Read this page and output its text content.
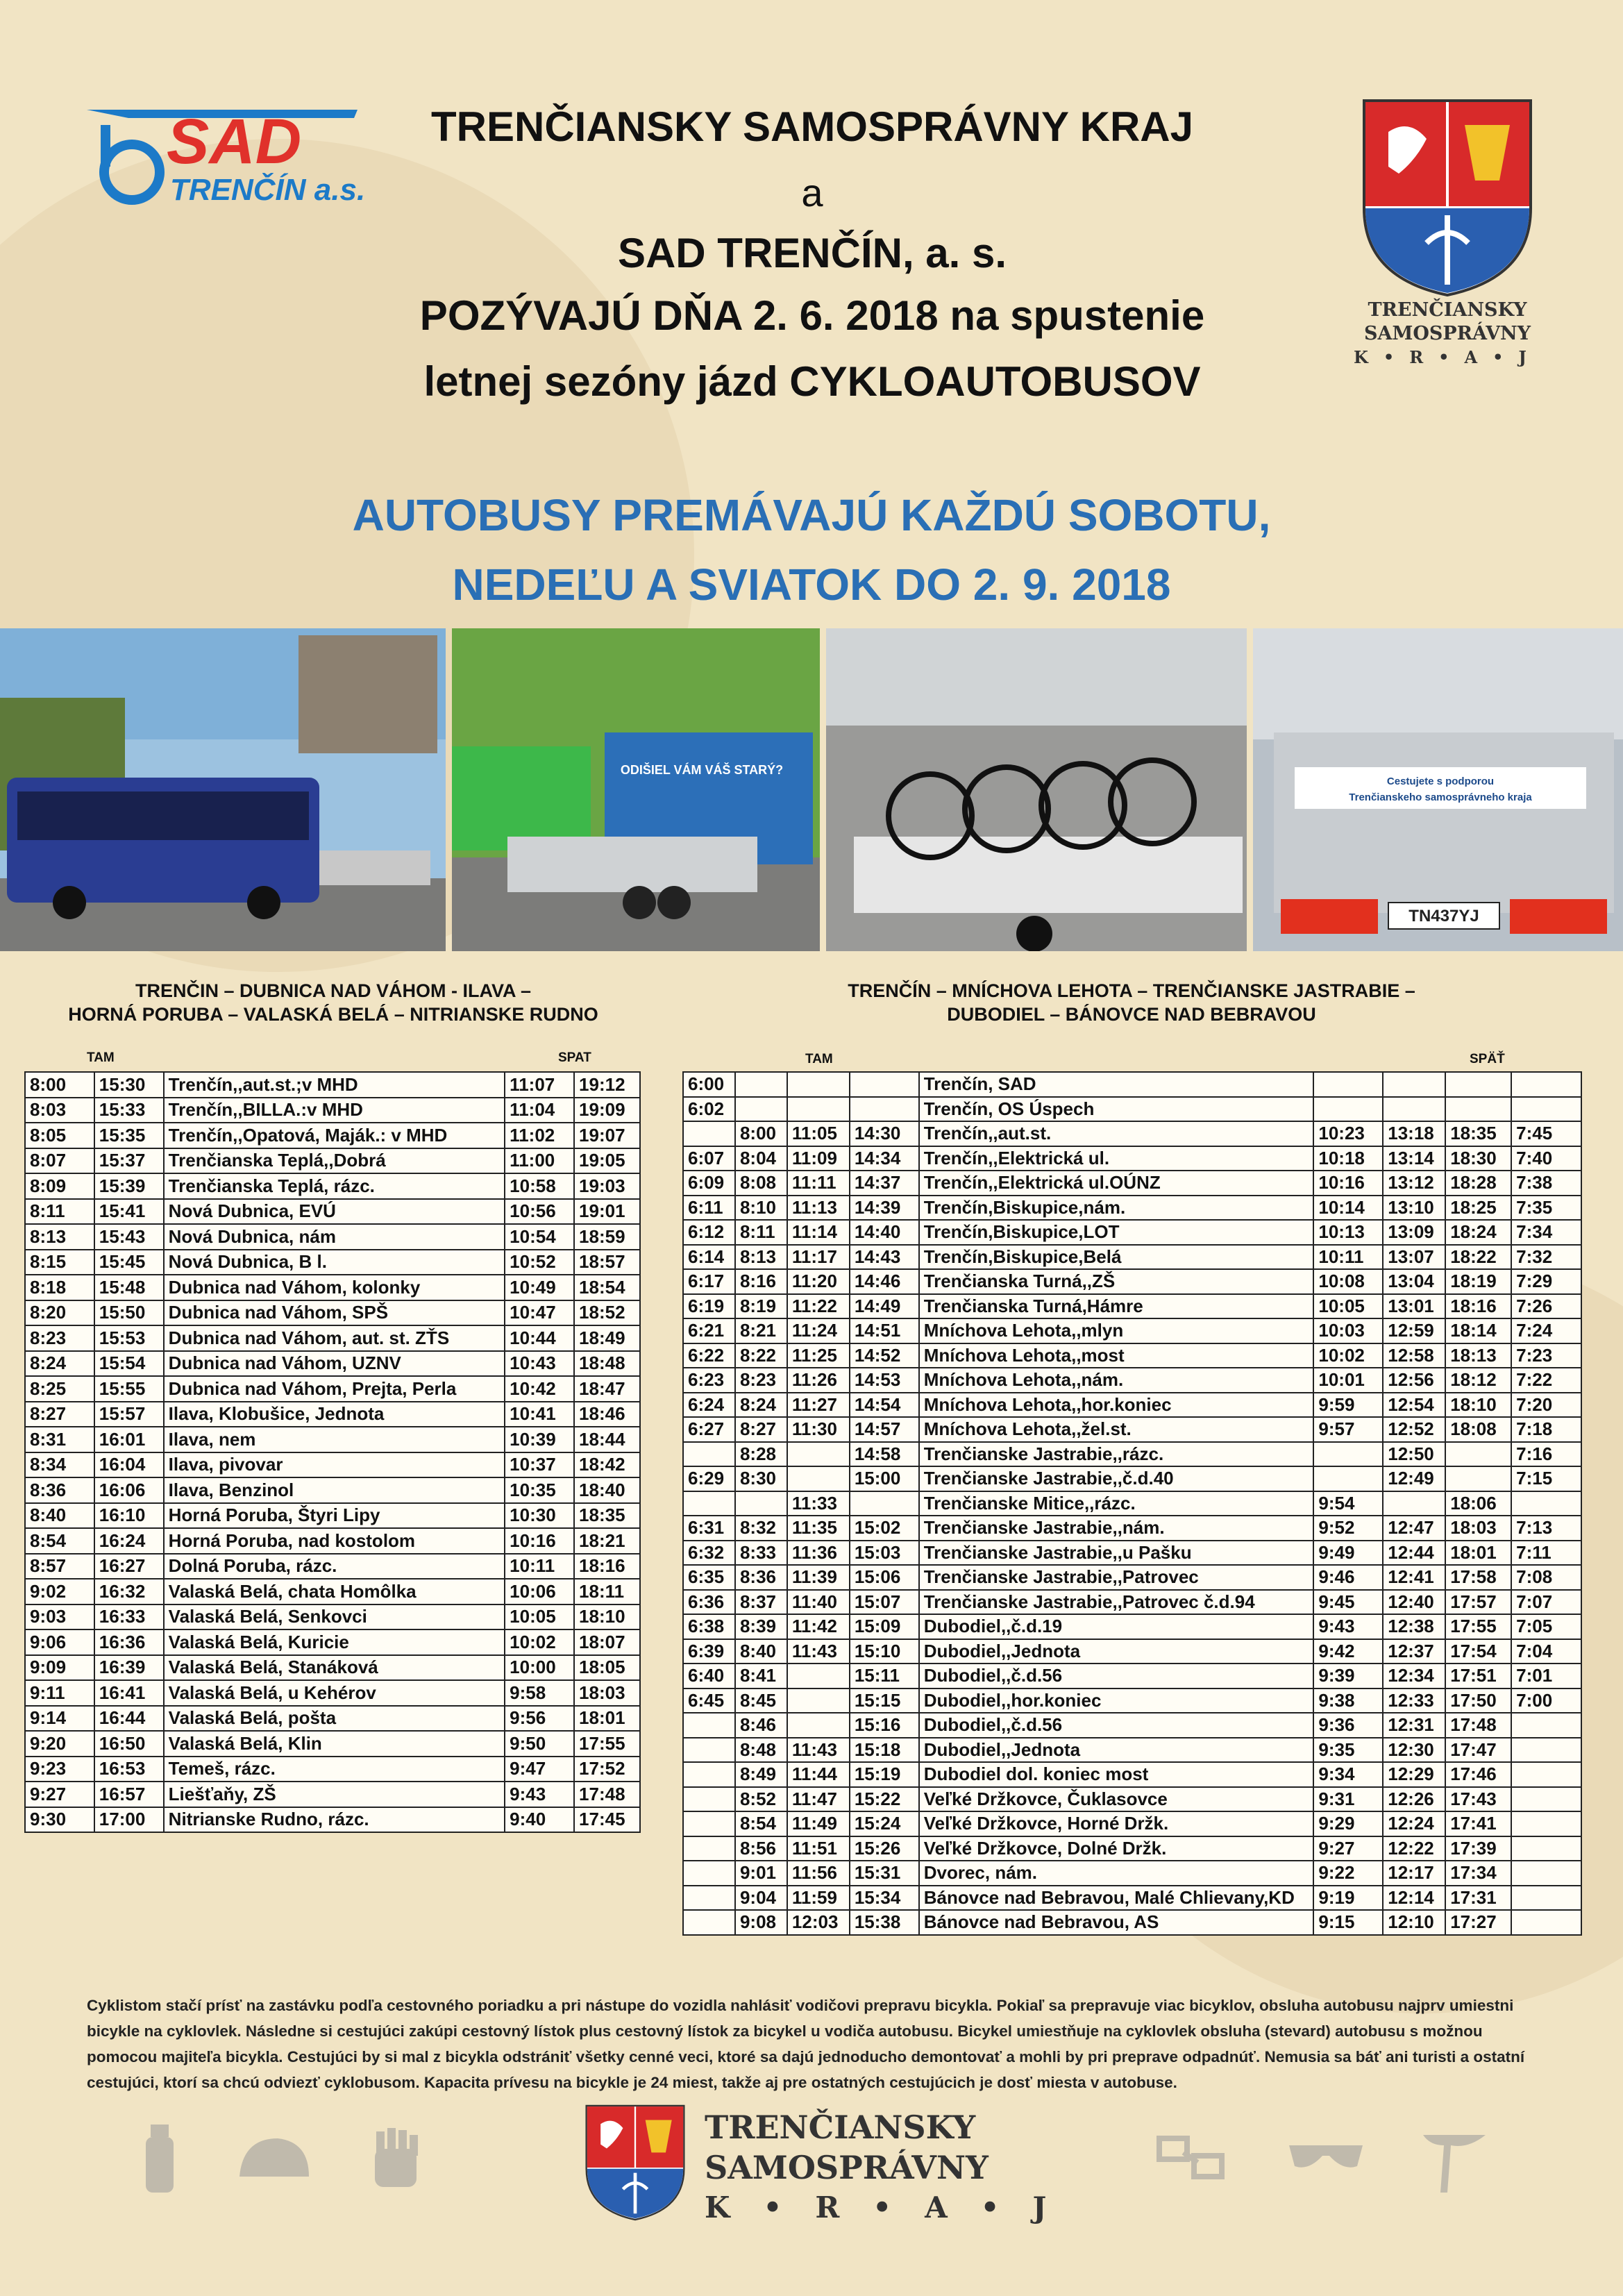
SAD
TRENČÍN a.s.
TRENČIANSKY SAMOSPRÁVNY KRAJ
a
SAD TRENČÍN, a. s.
POZÝVAJÚ DŇA 2. 6. 2018 na spustenie
letnej sezóny jázd CYKLOAUTOBUSOV
TRENČIANSKY
SAMOSPRÁVNY
K•R•A•J
AUTOBUSY PREMÁVAJÚ KAŽDÚ SOBOTU,
NEDEĽU A SVIATOK DO 2. 9. 2018
ODIŠIEL VÁM VÁŠ STARÝ?
Cestujete s podporou
Trenčianskeho samosprávneho kraja
TN437YJ
TRENČIN – DUBNICA NAD VÁHOM - ILAVA –
HORNÁ PORUBA – VALASKÁ BELÁ – NITRIANSKE RUDNO
TAM	SPAT
8:00	15:30	Trenčín,,aut.st.;v MHD	11:07	19:12
8:03	15:33	Trenčín,,BILLA.:v MHD	11:04	19:09
8:05	15:35	Trenčín,,Opatová, Maják.: v MHD	11:02	19:07
8:07	15:37	Trenčianska Teplá,,Dobrá	11:00	19:05
8:09	15:39	Trenčianska Teplá, rázc.	10:58	19:03
8:11	15:41	Nová Dubnica, EVÚ	10:56	19:01
8:13	15:43	Nová Dubnica, nám	10:54	18:59
8:15	15:45	Nová Dubnica, B l.	10:52	18:57
8:18	15:48	Dubnica nad Váhom, kolonky	10:49	18:54
8:20	15:50	Dubnica nad Váhom, SPŠ	10:47	18:52
8:23	15:53	Dubnica nad Váhom, aut. st. ZŤS	10:44	18:49
8:24	15:54	Dubnica nad Váhom, UZNV	10:43	18:48
8:25	15:55	Dubnica nad Váhom, Prejta, Perla	10:42	18:47
8:27	15:57	Ilava, Klobušice, Jednota	10:41	18:46
8:31	16:01	Ilava, nem	10:39	18:44
8:34	16:04	Ilava, pivovar	10:37	18:42
8:36	16:06	Ilava, Benzinol	10:35	18:40
8:40	16:10	Horná Poruba, Štyri Lipy	10:30	18:35
8:54	16:24	Horná Poruba, nad kostolom	10:16	18:21
8:57	16:27	Dolná Poruba, rázc.	10:11	18:16
9:02	16:32	Valaská Belá, chata Homôlka	10:06	18:11
9:03	16:33	Valaská Belá, Senkovci	10:05	18:10
9:06	16:36	Valaská Belá, Kuricie	10:02	18:07
9:09	16:39	Valaská Belá, Stanáková	10:00	18:05
9:11	16:41	Valaská Belá, u Kehérov	9:58	18:03
9:14	16:44	Valaská Belá, pošta	9:56	18:01
9:20	16:50	Valaská Belá, Klin	9:50	17:55
9:23	16:53	Temeš, rázc.	9:47	17:52
9:27	16:57	Liešťaňy, ZŠ	9:43	17:48
9:30	17:00	Nitrianske Rudno, rázc.	9:40	17:45
TRENČÍN – MNÍCHOVA LEHOTA – TRENČIANSKE JASTRABIE –
DUBODIEL – BÁNOVCE NAD BEBRAVOU
TAM	SPÄŤ
6:00				Trenčín, SAD				
6:02				Trenčín, OS Úspech				
	8:00	11:05	14:30	Trenčín,,aut.st.	10:23	13:18	18:35	7:45
6:07	8:04	11:09	14:34	Trenčín,,Elektrická ul.	10:18	13:14	18:30	7:40
6:09	8:08	11:11	14:37	Trenčín,,Elektrická ul.OÚNZ	10:16	13:12	18:28	7:38
6:11	8:10	11:13	14:39	Trenčín,Biskupice,nám.	10:14	13:10	18:25	7:35
6:12	8:11	11:14	14:40	Trenčín,Biskupice,LOT	10:13	13:09	18:24	7:34
6:14	8:13	11:17	14:43	Trenčín,Biskupice,Belá	10:11	13:07	18:22	7:32
6:17	8:16	11:20	14:46	Trenčianska Turná,,ZŠ	10:08	13:04	18:19	7:29
6:19	8:19	11:22	14:49	Trenčianska Turná,Hámre	10:05	13:01	18:16	7:26
6:21	8:21	11:24	14:51	Mníchova Lehota,,mlyn	10:03	12:59	18:14	7:24
6:22	8:22	11:25	14:52	Mníchova Lehota,,most	10:02	12:58	18:13	7:23
6:23	8:23	11:26	14:53	Mníchova Lehota,,nám.	10:01	12:56	18:12	7:22
6:24	8:24	11:27	14:54	Mníchova Lehota,,hor.koniec	9:59	12:54	18:10	7:20
6:27	8:27	11:30	14:57	Mníchova Lehota,,žel.st.	9:57	12:52	18:08	7:18
	8:28		14:58	Trenčianske Jastrabie,,rázc.		12:50		7:16
6:29	8:30		15:00	Trenčianske Jastrabie,,č.d.40		12:49		7:15
		11:33		Trenčianske Mitice,,rázc.	9:54		18:06	
6:31	8:32	11:35	15:02	Trenčianske Jastrabie,,nám.	9:52	12:47	18:03	7:13
6:32	8:33	11:36	15:03	Trenčianske Jastrabie,,u Pašku	9:49	12:44	18:01	7:11
6:35	8:36	11:39	15:06	Trenčianske Jastrabie,,Patrovec	9:46	12:41	17:58	7:08
6:36	8:37	11:40	15:07	Trenčianske Jastrabie,,Patrovec č.d.94	9:45	12:40	17:57	7:07
6:38	8:39	11:42	15:09	Dubodiel,,č.d.19	9:43	12:38	17:55	7:05
6:39	8:40	11:43	15:10	Dubodiel,,Jednota	9:42	12:37	17:54	7:04
6:40	8:41		15:11	Dubodiel,,č.d.56	9:39	12:34	17:51	7:01
6:45	8:45		15:15	Dubodiel,,hor.koniec	9:38	12:33	17:50	7:00
	8:46		15:16	Dubodiel,,č.d.56	9:36	12:31	17:48	
	8:48	11:43	15:18	Dubodiel,,Jednota	9:35	12:30	17:47	
	8:49	11:44	15:19	Dubodiel dol. koniec most	9:34	12:29	17:46	
	8:52	11:47	15:22	Veľké Držkovce, Čuklasovce	9:31	12:26	17:43	
	8:54	11:49	15:24	Veľké Držkovce, Horné Držk.	9:29	12:24	17:41	
	8:56	11:51	15:26	Veľké Držkovce, Dolné Držk.	9:27	12:22	17:39	
	9:01	11:56	15:31	Dvorec, nám.	9:22	12:17	17:34	
	9:04	11:59	15:34	Bánovce nad Bebravou, Malé Chlievany,KD	9:19	12:14	17:31	
	9:08	12:03	15:38	Bánovce nad Bebravou, AS	9:15	12:10	17:27	
Cyklistom stačí prísť na zastávku podľa cestovného poriadku a pri nástupe do vozidla nahlásiť vodičovi prepravu bicykla. Pokiaľ sa prepravuje viac bicyklov, obsluha autobusu najprv umiestni bicykle na cyklovlek. Následne si cestujúci zakúpi cestovný lístok plus cestovný lístok za bicykel u vodiča autobusu. Bicykel umiestňuje na cyklovlek obsluha (stevard) autobusu s možnou pomocou majiteľa bicykla. Cestujúci by si mal z bicykla odstrániť všetky cenné veci, ktoré sa dajú jednoducho demontovať a mohli by pri preprave odpadnúť. Nemusia sa báť ani turisti a ostatní cestujúci, ktorí sa chcú odviezť cyklobusom. Kapacita prívesu na bicykle je 24 miest, takže aj pre ostatných cestujúcich je dosť miesta v autobuse.
TRENČIANSKY
SAMOSPRÁVNY
K•R•A•J
